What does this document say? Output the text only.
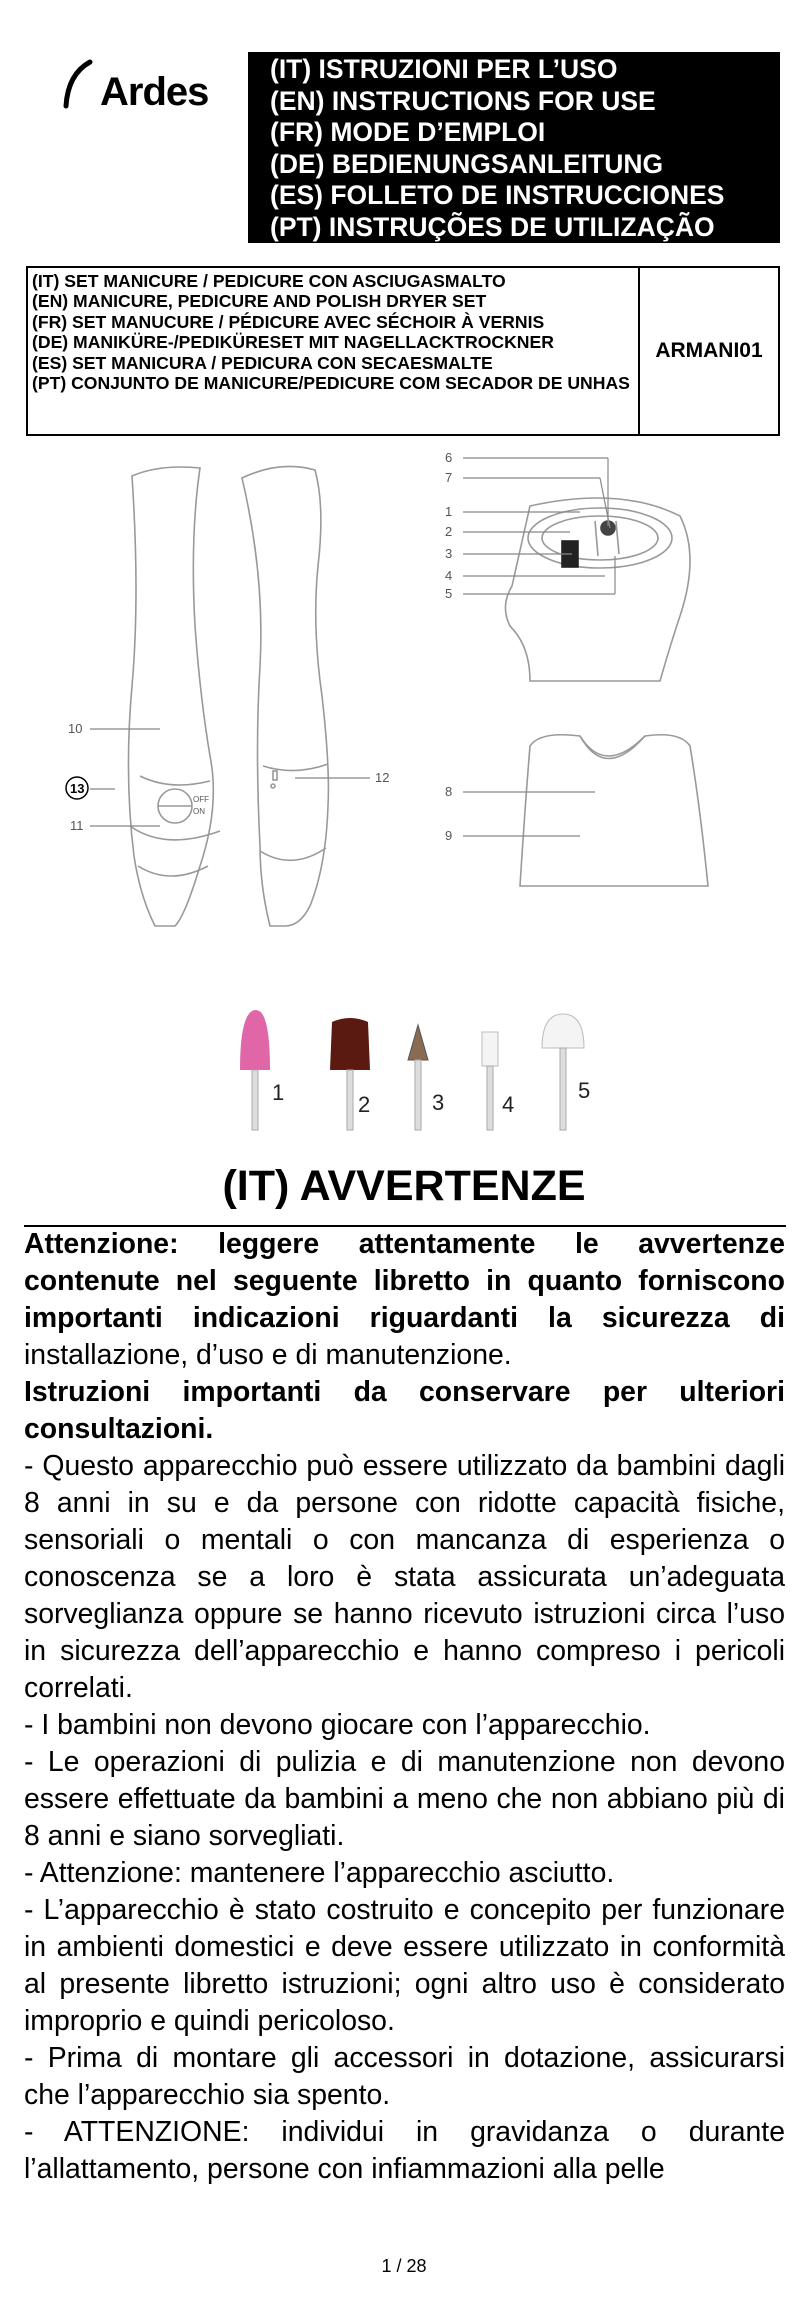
Ardes
(IT) ISTRUZIONI PER L’USO
(EN) INSTRUCTIONS FOR USE
(FR) MODE D’EMPLOI
(DE) BEDIENUNGSANLEITUNG
(ES) FOLLETO DE INSTRUCCIONES
(PT) INSTRUÇÕES DE UTILIZAÇÃO
(IT) SET MANICURE / PEDICURE CON ASCIUGASMALTO
(EN) MANICURE, PEDICURE AND POLISH DRYER SET
(FR) SET MANUCURE / PÉDICURE AVEC SÉCHOIR À VERNIS
(DE) MANIKÜRE-/PEDIKÜRESET MIT NAGELLACKTROCKNER
(ES) SET MANICURA / PEDICURA CON SECAESMALTE
(PT) CONJUNTO DE MANICURE/PEDICURE COM SECADOR DE UNHAS
ARMANI01
6
7
1
2
3
4
5
8
9
10
13
11
12
OFF
ON
1	2	3	4
5
(IT) AVVERTENZE

Attenzione: leggere attentamente le avvertenze contenute nel seguente libretto in quanto forniscono importanti indicazioni riguardanti la sicurezza di installazione, d’uso e di manutenzione.

Istruzioni importanti da conservare per ulteriori consultazioni.

- Questo apparecchio può essere utilizzato da bambini dagli 8 anni in su e da persone con ridotte capacità fisiche, sensoriali o mentali o con mancanza di esperienza o conoscenza se a loro è stata assicurata un’adeguata sorveglianza oppure se hanno ricevuto istruzioni circa l’uso in sicurezza dell’apparecchio e hanno compreso i pericoli correlati.

- I bambini non devono giocare con l’apparecchio.

- Le operazioni di pulizia e di manutenzione non devono essere effettuate da bambini a meno che non abbiano più di 8 anni e siano sorvegliati.

- Attenzione: mantenere l’apparecchio asciutto.

- L’apparecchio è stato costruito e concepito per funzionare in ambienti domestici e deve essere utilizzato in conformità al presente libretto istruzioni; ogni altro uso è considerato improprio e quindi pericoloso.

- Prima di montare gli accessori in dotazione, assicurarsi che l’apparecchio sia spento.

- ATTENZIONE: individui in gravidanza o durante l’allattamento, persone con infiammazioni alla pelle

1 / 28
